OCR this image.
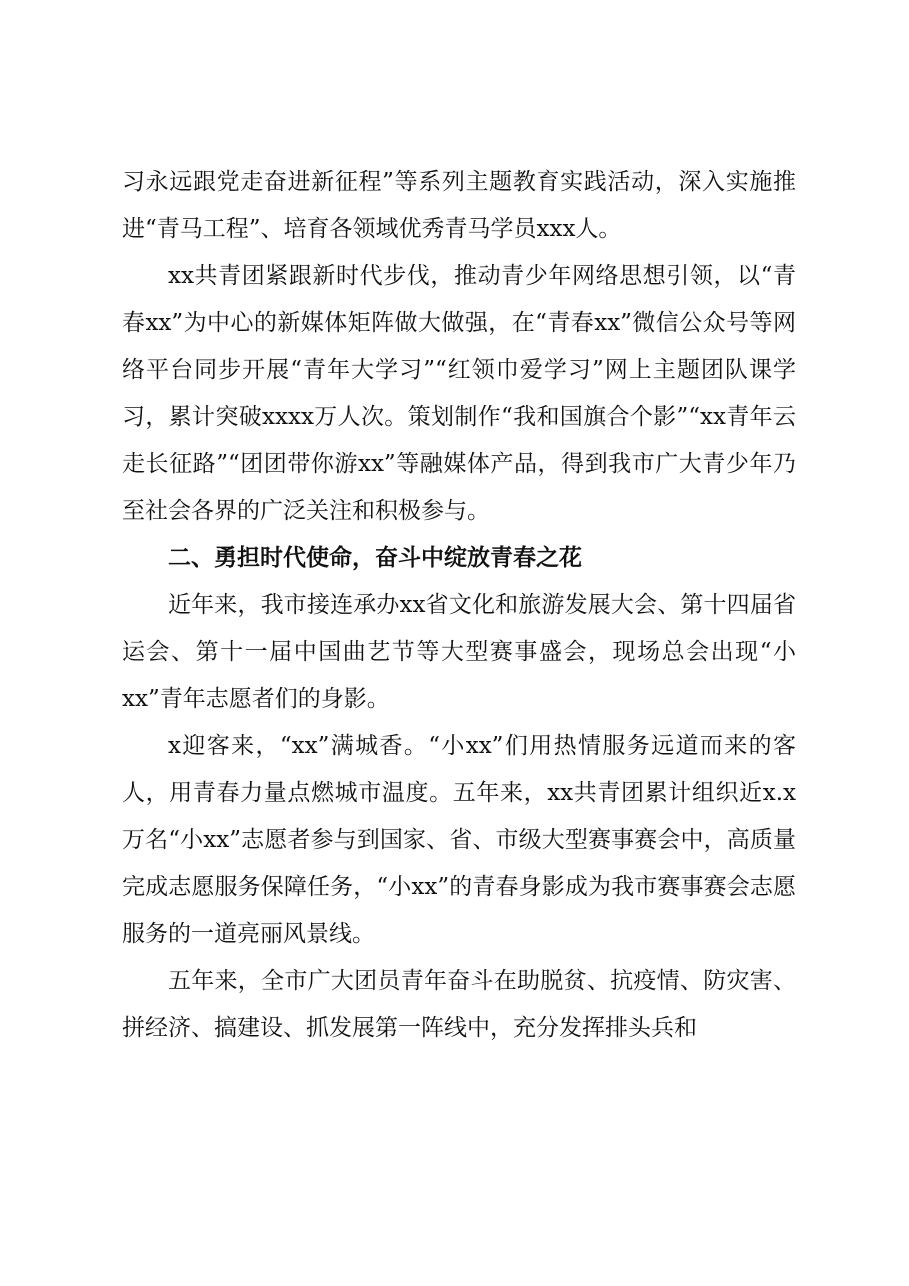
习永远跟党走奋进新征程”等系列主题教育实践活动，深入实施推进“青马工程”、培育各领域优秀青马学员xxx人。

xx共青团紧跟新时代步伐，推动青少年网络思想引领，以“青春xx”为中心的新媒体矩阵做大做强，在“青春xx”微信公众号等网络平台同步开展“青年大学习”“红领巾爱学习”网上主题团队课学习，累计突破xxxx万人次。策划制作“我和国旗合个影”“xx青年云走长征路”“团团带你游xx”等融媒体产品，得到我市广大青少年乃至社会各界的广泛关注和积极参与。

二、勇担时代使命，奋斗中绽放青春之花

近年来，我市接连承办xx省文化和旅游发展大会、第十四届省运会、第十一届中国曲艺节等大型赛事盛会，现场总会出现“小xx”青年志愿者们的身影。

x迎客来，“xx”满城香。“小xx”们用热情服务远道而来的客人，用青春力量点燃城市温度。五年来，xx共青团累计组织近x.x万名“小xx”志愿者参与到国家、省、市级大型赛事赛会中，高质量完成志愿服务保障任务，“小xx”的青春身影成为我市赛事赛会志愿服务的一道亮丽风景线。

五年来，全市广大团员青年奋斗在助脱贫、抗疫情、防灾害、拼经济、搞建设、抓发展第一阵线中，充分发挥排头兵和
